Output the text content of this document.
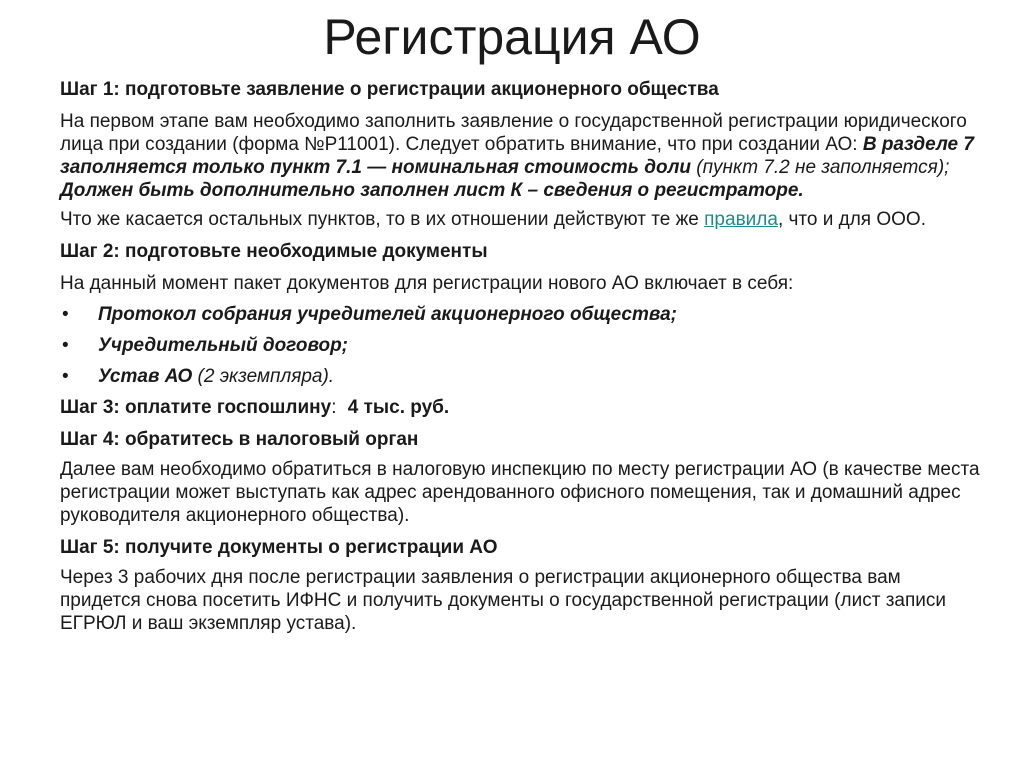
Регистрация АО
Шаг 1: подготовьте заявление о регистрации акционерного общества

На первом этапе вам необходимо заполнить заявление о государственной регистрации юридического лица при создании (форма №Р11001). Следует обратить внимание, что при создании АО: В разделе 7 заполняется только пункт 7.1 — номинальная стоимость доли (пункт 7.2 не заполняется);
Должен быть дополнительно заполнен лист К – сведения о регистраторе.

Что же касается остальных пунктов, то в их отношении действуют те же правила, что и для ООО.

Шаг 2: подготовьте необходимые документы

На данный момент пакет документов для регистрации нового АО включает в себя:

• Протокол собрания учредителей акционерного общества;
• Учредительный договор;
• Устав АО (2 экземпляра).
Шаг 3: оплатите госпошлину: 4 тыс. руб.
Шаг 4: обратитесь в налоговый орган

Далее вам необходимо обратиться в налоговую инспекцию по месту регистрации АО (в качестве места регистрации может выступать как адрес арендованного офисного помещения, так и домашний адрес руководителя акционерного общества).

Шаг 5: получите документы о регистрации АО

Через 3 рабочих дня после регистрации заявления о регистрации акционерного общества вам придется снова посетить ИФНС и получить документы о государственной регистрации (лист записи ЕГРЮЛ и ваш экземпляр устава).
